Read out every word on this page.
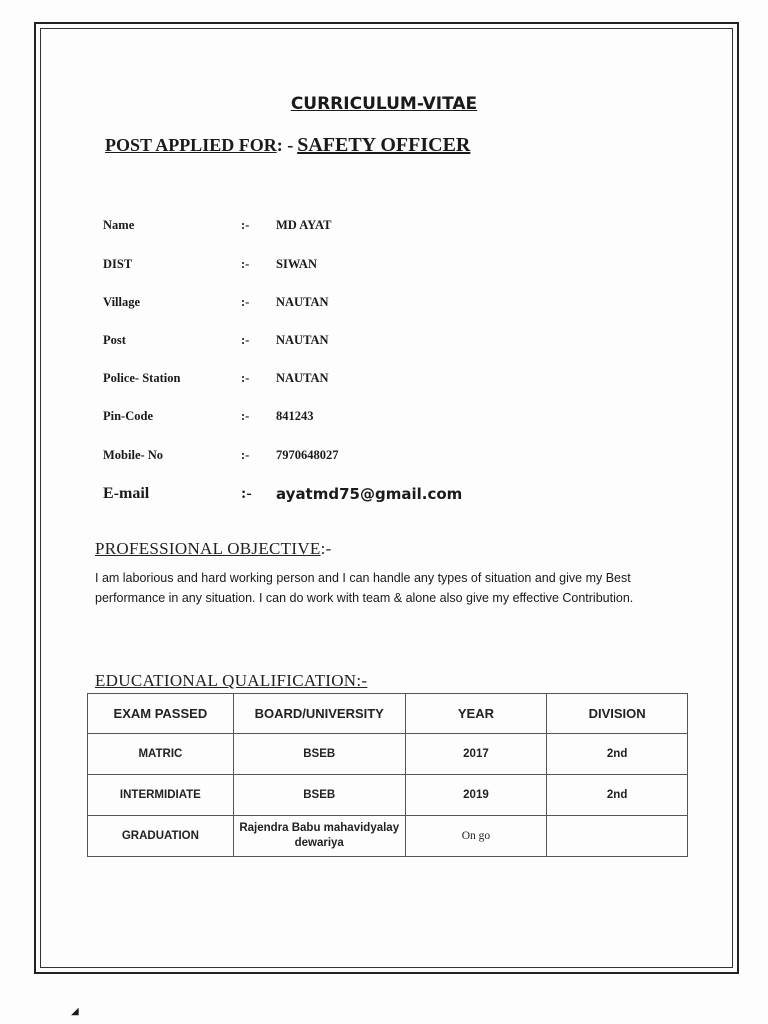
CURRICULUM-VITAE
POST APPLIED FOR: - SAFETY OFFICER
Name	:- MD AYAT
DIST	:- SIWAN
Village	:- NAUTAN
Post	:- NAUTAN
Police- Station	:- NAUTAN
Pin-Code	:- 841243
Mobile- No	:- 7970648027
E-mail	:- ayatmd75@gmail.com
PROFESSIONAL OBJECTIVE:-
I am laborious and hard working person and I can handle any types of situation and give my Best performance in any situation. I can do work with team & alone also give my effective Contribution.
EDUCATIONAL QUALIFICATION:-
EXAM PASSED	BOARD/UNIVERSITY	YEAR	DIVISION
MATRIC	BSEB	2017	2nd
INTERMIDIATE	BSEB	2019	2nd
GRADUATION	Rajendra Babu mahavidyalay dewariya	On go	
◢
